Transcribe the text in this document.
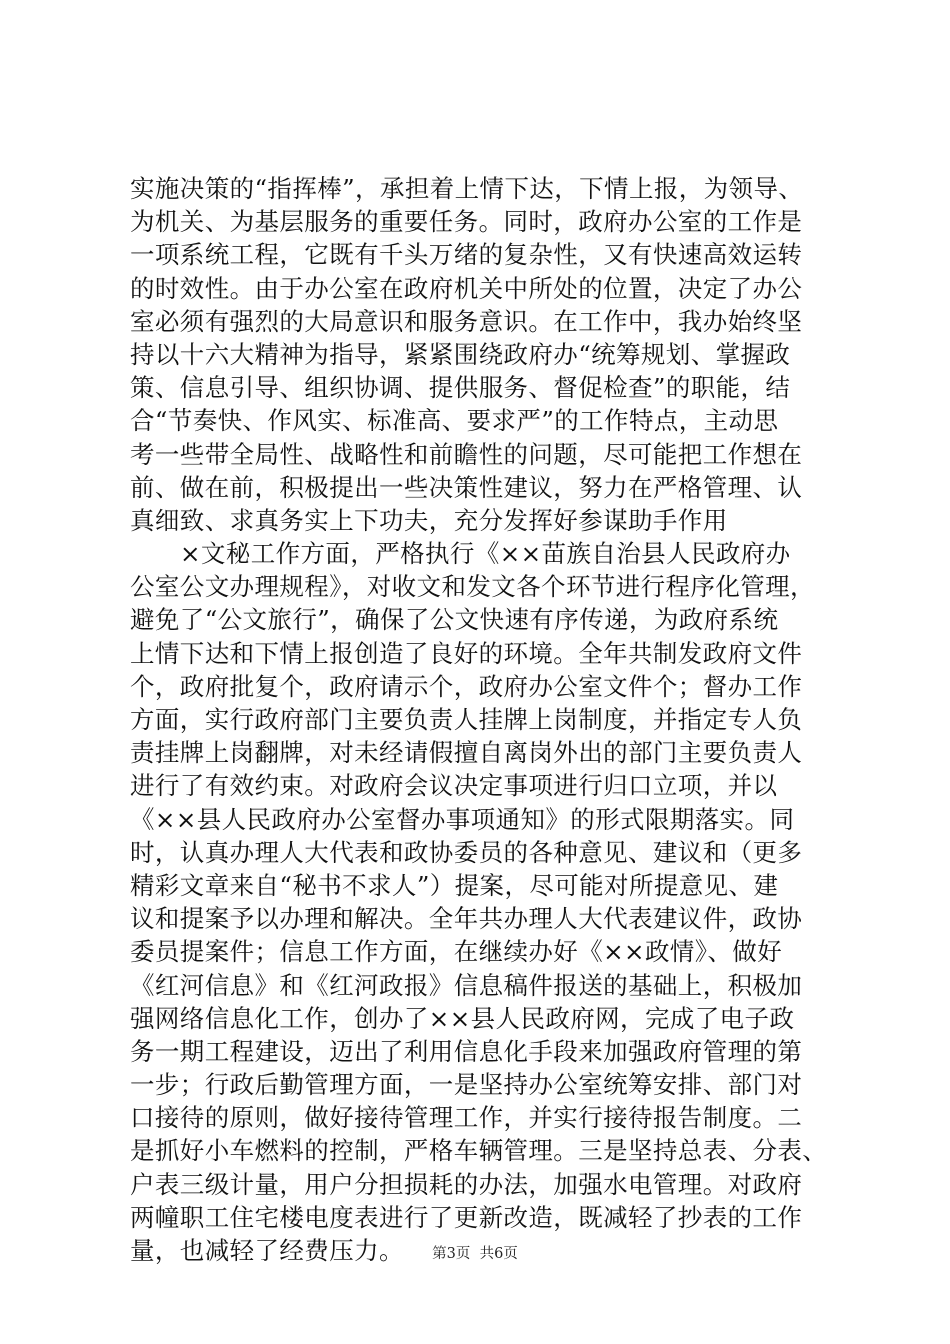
实施决策的“指挥棒”，承担着上情下达，下情上报，为领导、
为机关、为基层服务的重要任务。同时，政府办公室的工作是
一项系统工程，它既有千头万绪的复杂性，又有快速高效运转
的时效性。由于办公室在政府机关中所处的位置，决定了办公
室必须有强烈的大局意识和服务意识。在工作中，我办始终坚
持以十六大精神为指导，紧紧围绕政府办“统筹规划、掌握政
策、信息引导、组织协调、提供服务、督促检查”的职能，结
合“节奏快、作风实、标准高、要求严”的工作特点，主动思
考一些带全局性、战略性和前瞻性的问题，尽可能把工作想在
前、做在前，积极提出一些决策性建议，努力在严格管理、认
真细致、求真务实上下功夫，充分发挥好参谋助手作用
×文秘工作方面，严格执行《××苗族自治县人民政府办
公室公文办理规程》，对收文和发文各个环节进行程序化管理，
避免了“公文旅行”，确保了公文快速有序传递，为政府系统
上情下达和下情上报创造了良好的环境。全年共制发政府文件
个，政府批复个，政府请示个，政府办公室文件个；督办工作
方面，实行政府部门主要负责人挂牌上岗制度，并指定专人负
责挂牌上岗翻牌，对未经请假擅自离岗外出的部门主要负责人
进行了有效约束。对政府会议决定事项进行归口立项，并以
《××县人民政府办公室督办事项通知》的形式限期落实。同
时，认真办理人大代表和政协委员的各种意见、建议和（更多
精彩文章来自“秘书不求人”）提案，尽可能对所提意见、建
议和提案予以办理和解决。全年共办理人大代表建议件，政协
委员提案件；信息工作方面，在继续办好《××政情》、做好
《红河信息》和《红河政报》信息稿件报送的基础上，积极加
强网络信息化工作，创办了××县人民政府网，完成了电子政
务一期工程建设，迈出了利用信息化手段来加强政府管理的第
一步；行政后勤管理方面，一是坚持办公室统筹安排、部门对
口接待的原则，做好接待管理工作，并实行接待报告制度。二
是抓好小车燃料的控制，严格车辆管理。三是坚持总表、分表、
户表三级计量，用户分担损耗的办法，加强水电管理。对政府
两幢职工住宅楼电度表进行了更新改造，既减轻了抄表的工作
量，也减轻了经费压力。	第3页  共6页
